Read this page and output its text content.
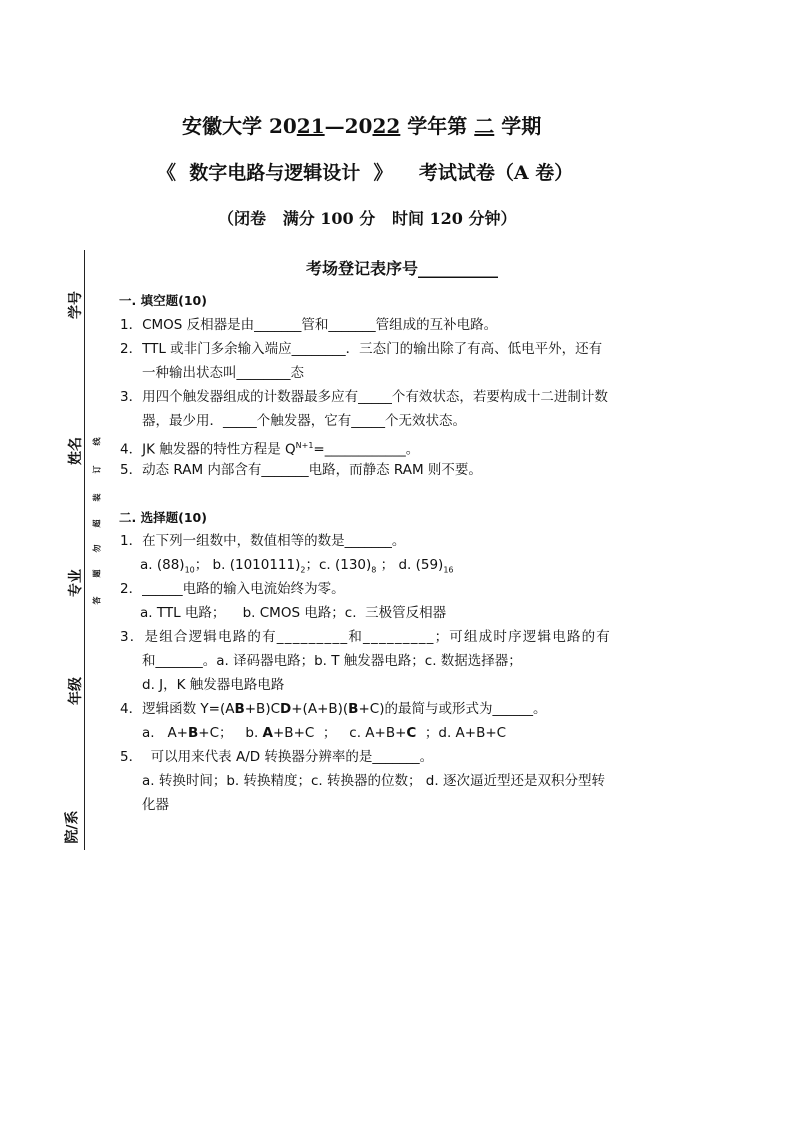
安徽大学 2021—2022 学年第 二 学期
《  数字电路与逻辑设计  》    考试试卷（A 卷）
（闭卷   满分 100 分   时间 120 分钟）
考场登记表序号__________
学号
姓名
专业
年级
院/系
答
题
勿
超
装
订
线
一. 填空题(10)
1．CMOS 反相器是由_______管和_______管组成的互补电路。
2．TTL 或非门多余输入端应________．三态门的输出除了有高、低电平外，还有
一种输出状态叫________态
3．用四个触发器组成的计数器最多应有_____个有效状态，若要构成十二进制计数
器，最少用．_____个触发器，它有_____个无效状态。
4．JK 触发器的特性方程是 $Q^{N+1}=\_\_\_\_\_\_\_\_\_\_\_\_$。
5．动态 RAM 内部含有_______电路，而静态 RAM 则不要。
二. 选择题(10)
1．在下列一组数中，数值相等的数是_______。
a. $(88)_{10}$； b. $(1010111)_2$；c. $(130)_8$ ； d. $(59)_{16}$
2．______电路的输入电流始终为零。
a. TTL 电路；    b. CMOS 电路；c.  三极管反相器
3．是组合逻辑电路的有_________和_________；可组成时序逻辑电路的有
和_______。a. 译码器电路；b. T 触发器电路；c. 数据选择器；
d. J，K 触发器电路电路
4．逻辑函数 Y=(AB+B)CD+(A+B)(B+C)的最简与或形式为______。
a.   A+B+C；   b. A+B+C  ；   c. A+B+C  ；d. A+B+C
5．  可以用来代表 A/D 转换器分辨率的是_______。
a. 转换时间；b. 转换精度；c. 转换器的位数； d. 逐次逼近型还是双积分型转
化器
